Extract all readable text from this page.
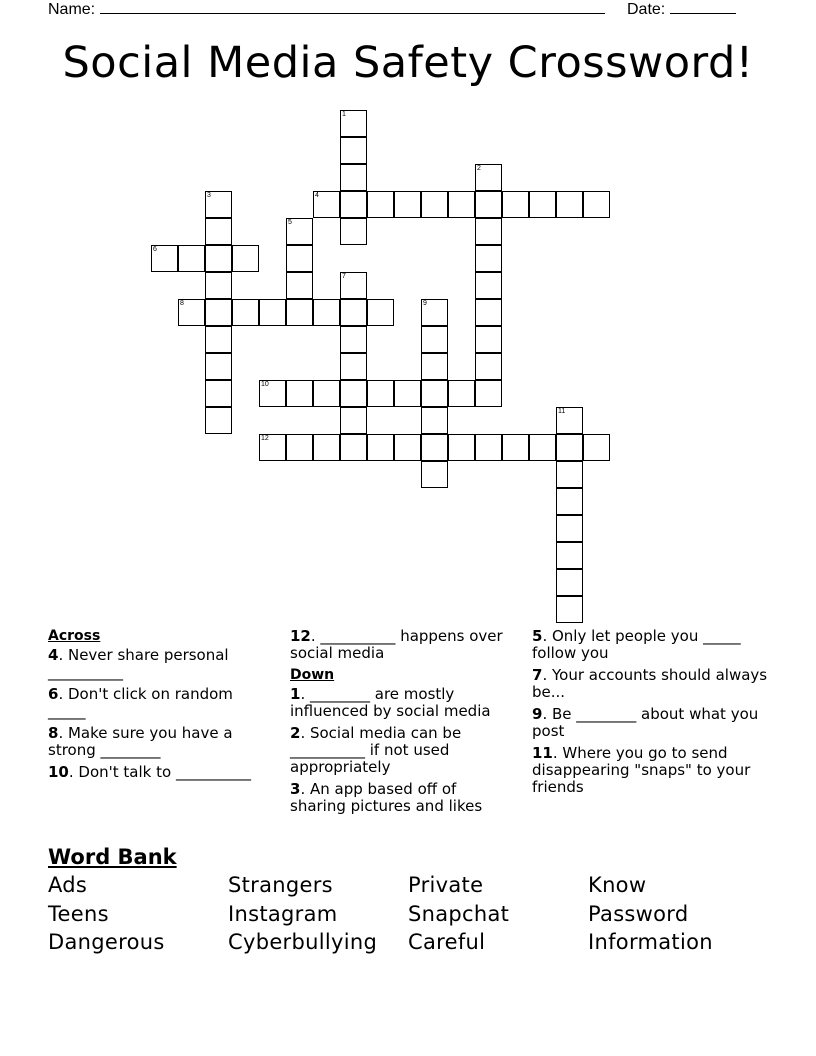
Name:	Date:
Social Media Safety Crossword!
1
2
3	4
5
6
7
8	9
10
11
12
Across
4. Never share personal __________
6. Don't click on random _____
8. Make sure you have a strong ________
10. Don't talk to __________
12. __________ happens over social media
Down
1. ________ are mostly influenced by social media
2. Social media can be __________ if not used appropriately
3. An app based off of sharing pictures and likes
5. Only let people you _____ follow you
7. Your accounts should always be...
9. Be ________ about what you post
11. Where you go to send disappearing "snaps" to your friends
Word Bank
Ads	Strangers	Private	Know
Teens	Instagram	Snapchat	Password
Dangerous	Cyberbullying Careful	Information
